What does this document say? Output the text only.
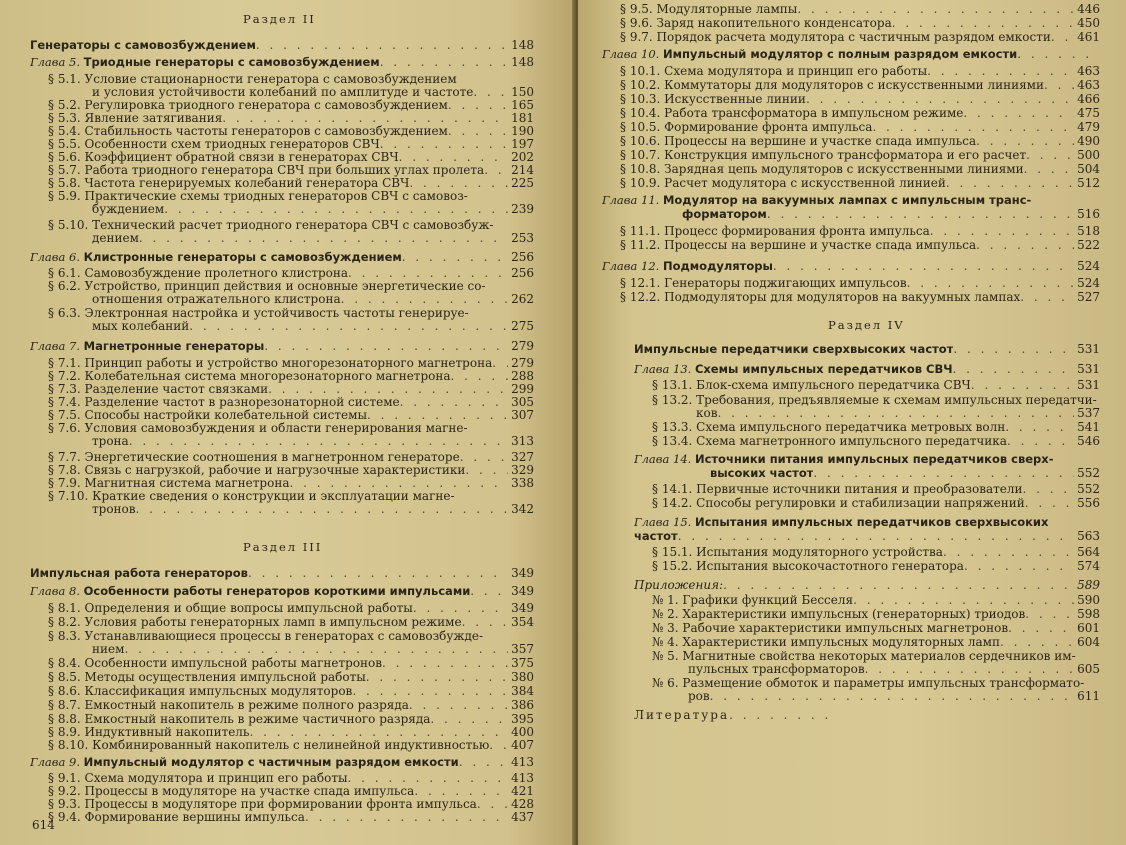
Раздел II
Генераторы с самовозбуждением . . .	148
Глава 5. Триодные генераторы с самовозбуждением . . .	148
§ 5.1. Условие стационарности генератора с самовозбуждением
и условия устойчивости колебаний по амплитуде и частоте . . .	150
§ 5.2. Регулировка триодного генератора с самовозбуждением . . .	165
§ 5.3. Явление затягивания . . .	181
§ 5.4. Стабильность частоты генераторов с самовозбуждением . . .	190
§ 5.5. Особенности схем триодных генераторов СВЧ . . .	197
§ 5.6. Коэффициент обратной связи в генераторах СВЧ . . .	202
§ 5.7. Работа триодного генератора СВЧ при больших углах пролета . . . 214
§ 5.8. Частота генерируемых колебаний генератора СВЧ . . .	225
§ 5.9. Практические схемы триодных генераторов СВЧ с самовоз-
буждением . . .	239
§ 5.10. Технический расчет триодного генератора СВЧ с самовозбуж-
дением . . .	253
Глава 6. Клистронные генераторы с самовозбуждением . . .	256
§ 6.1. Самовозбуждение пролетного клистрона . . .	256
§ 6.2. Устройство, принцип действия и основные энергетические со-
отношения отражательного клистрона . . .	262
§ 6.3. Электронная настройка и устойчивость частоты генерируе-
мых колебаний . . .	275
Глава 7. Магнетронные генераторы . . .	279
§ 7.1. Принцип работы и устройство многорезонаторного магнетрона . . . 279
§ 7.2. Колебательная система многорезонаторного магнетрона . . .	288
§ 7.3. Разделение частот связками . . .	299
§ 7.4. Разделение частот в разнорезонаторной системе . . .	305
§ 7.5. Способы настройки колебательной системы . . .	307
§ 7.6. Условия самовозбуждения и области генерирования магне-
трона . . .	313
§ 7.7. Энергетические соотношения в магнетронном генераторе . . .	327
§ 7.8. Связь с нагрузкой, рабочие и нагрузочные характеристики . . .	329
§ 7.9. Магнитная система магнетрона . . .	338
§ 7.10. Краткие сведения о конструкции и эксплуатации магне-
тронов . . .	342
Раздел III
Импульсная работа генераторов . . .	349
Глава 8. Особенности работы генераторов короткими импульсами . . .	349
§ 8.1. Определения и общие вопросы импульсной работы . . .	349
§ 8.2. Условия работы генераторных ламп в импульсном режиме . . .	354
§ 8.3. Устанавливающиеся процессы в генераторах с самовозбужде-
нием . . .	357
§ 8.4. Особенности импульсной работы магнетронов . . .	375
§ 8.5. Методы осуществления импульсной работы . . .	380
§ 8.6. Классификация импульсных модуляторов . . .	384
§ 8.7. Емкостный накопитель в режиме полного разряда . . .	386
§ 8.8. Емкостный накопитель в режиме частичного разряда . . .	395
§ 8.9. Индуктивный накопитель . . .	400
§ 8.10. Комбинированный накопитель с нелинейной индуктивностью . . . 407
Глава 9. Импульсный модулятор с частичным разрядом емкости . . .	413
§ 9.1. Схема модулятора и принцип его работы . . .	413
§ 9.2. Процессы в модуляторе на участке спада импульса . . .	421
§ 9.3. Процессы в модуляторе при формировании фронта импульса . . .	428
§ 9.4. Формирование вершины импульса . . .	437
614
§ 9.5. Модуляторные лампы . . .	446
§ 9.6. Заряд накопительного конденсатора . . .	450
§ 9.7. Порядок расчета модулятора с частичным разрядом емкости . . . 461
Глава 10. Импульсный модулятор с полным разрядом емкости
. . .
§ 10.1. Схема модулятора и принцип его работы . . .	463
§ 10.2. Коммутаторы для модуляторов с искусственными линиями . . .	463
§ 10.3. Искусственные линии . . .	466
§ 10.4. Работа трансформатора в импульсном режиме . . .	475
§ 10.5. Формирование фронта импульса . . .	479
§ 10.6. Процессы на вершине и участке спада импульса . . .	490
§ 10.7. Конструкция импульсного трансформатора и его расчет . . .	500
§ 10.8. Зарядная цепь модуляторов с искусственными линиями . . .	504
§ 10.9. Расчет модулятора с искусственной линией . . .	512
Глава 11. Модулятор на вакуумных лампах с импульсным транс-
форматором . . .	516
§ 11.1. Процесс формирования фронта импульса . . .	518
§ 11.2. Процессы на вершине и участке спада импульса . . .	522
Глава 12. Подмодуляторы . . .	524
§ 12.1. Генераторы поджигающих импульсов . . .	524
§ 12.2. Подмодуляторы для модуляторов на вакуумных лампах . . .	527
Раздел IV
Импульсные передатчики сверхвысоких частот . . .	531
Глава 13. Схемы импульсных передатчиков СВЧ . . .	531
§ 13.1. Блок-схема импульсного передатчика СВЧ . . .	531
§ 13.2. Требования, предъявляемые к схемам импульсных передатчи-
ков . . .	537
§ 13.3. Схема импульсного передатчика метровых волн . . .	541
§ 13.4. Схема магнетронного импульсного передатчика . . .	546
Глава 14. Источники питания импульсных передатчиков сверх-
высоких частот . . .	552
§ 14.1. Первичные источники питания и преобразователи . . .	552
§ 14.2. Способы регулировки и стабилизации напряжений . . .	556
Глава 15. Испытания импульсных передатчиков сверхвысоких
частот . . .	563
§ 15.1. Испытания модуляторного устройства . . .	564
§ 15.2. Испытания высокочастотного генератора . . .	574
Приложения: . . .	589
№ 1. Графики функций Бесселя . . .	590
№ 2. Характеристики импульсных (генераторных) триодов . . .	598
№ 3. Рабочие характеристики импульсных магнетронов . . .	601
№ 4. Характеристики импульсных модуляторных ламп . . .	604
№ 5. Магнитные свойства некоторых материалов сердечников им-
пульсных трансформаторов . . .	605
№ 6. Размещение обмоток и параметры импульсных трансформато-
ров . . .	611
Литература
. . .
